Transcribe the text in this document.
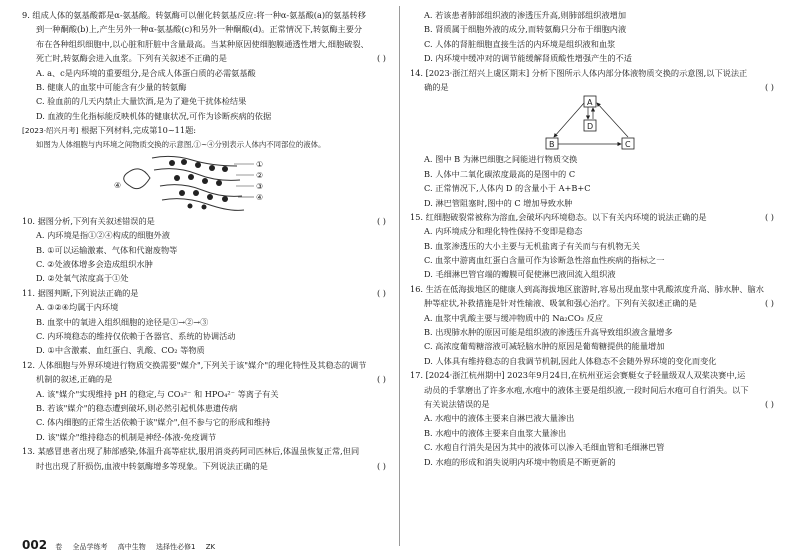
9. 组成人体的氨基酸都是α-氨基酸。转氨酶可以催化转氨基反应:将一种α-氨基酸(a)的氨基转移
到一种酮酸(b)上,产生另外一种α-氨基酸(c)和另外一种酮酸(d)。正常情况下,转氨酶主要分
布在各种组织细胞中,以心脏和肝脏中含量最高。当某种原因使细胞膜通透性增大,细胞破裂、
死亡时,转氨酶会进入血浆。下列有关叙述不正确的是	( )
A. a、c是内环境的重要组分,是合成人体蛋白质的必需氨基酸
B. 健康人的血浆中可能含有少量的转氨酶
C. 验血前的几天内禁止大量饮酒,是为了避免干扰体检结果
D. 血液的生化指标能反映机体的健康状况,可作为诊断疾病的依据
[2023·绍兴月考] 根据下列材料,完成第10~11题:
如图为人体细胞与内环境之间物质交换的示意图,①~④分别表示人体内不同部位的液体。
④
①
②
③
④
10. 据图分析,下列有关叙述错误的是	( )
A. 内环境是指①②④构成的细胞外液
B. ①可以运输激素、气体和代谢废物等
C. ②处液体增多会造成组织水肿
D. ②处氧气浓度高于①处
11. 据图判断,下列说法正确的是	( )
A. ③②④均属于内环境
B. 血浆中的氧进入组织细胞的途径是①→②→③
C. 内环境稳态的维持仅依赖于各器官、系统的协调活动
D. ①中含激素、血红蛋白、乳酸、CO₂ 等物质
12. 人体细胞与外界环境进行物质交换需要"媒介",下列关于该"媒介"的理化特性及其稳态的调节
机制的叙述,正确的是	( )
A. 该"媒介"实现维持 pH 的稳定,与 CO₃²⁻ 和 HPO₄²⁻ 等离子有关
B. 若该"媒介"的稳态遭到破坏,则必然引起机体患遗传病
C. 体内细胞的正常生活依赖于该"媒介",但不参与它的形成和维持
D. 该"媒介"维持稳态的机制是神经-体液-免疫调节
13. 某感冒患者出现了肺部感染,体温升高等症状,服用消炎药阿司匹林后,体温虽恢复正常,但同
时也出现了肝损伤,血液中转氨酶增多等现象。下列说法正确的是	( )
A. 若该患者肺部组织液的渗透压升高,则肺部组织液增加
B. 肾质属于细胞外液的成分,而转氨酶只分布于细胞内液
C. 人体的肾脏细胞直接生活的内环境是组织液和血浆
D. 内环境中缓冲对的调节能缓解肾质酸性增强产生的不适
14. [2023·浙江绍兴上虞区期末] 分析下图所示人体内部分体液物质交换的示意图,以下说法正
确的是	( )
A
D
B	C
A. 图中 B 为淋巴细胞之间能进行物质交换
B. 人体中二氧化碳浓度最高的是图中的 C
C. 正常情况下,人体内 D 的含量小于 A+B+C
D. 淋巴管阻塞时,图中的 C 增加导致水肿
15. 红细胞破裂常被称为溶血,会破坏内环境稳态。以下有关内环境的说法正确的是	( )
A. 内环境成分和理化特性保持不变即是稳态
B. 血浆渗透压的大小主要与无机盐离子有关而与有机物无关
C. 血浆中游离血红蛋白含量可作为诊断急性溶血性疾病的指标之一
D. 毛细淋巴管官端的瓣膜可促使淋巴液回流入组织液
16. 生活在低海拔地区的健康人到高海拔地区旅游时,容易出现血浆中乳酸浓度升高、肺水肿、脑水
肿等症状,补救措施是针对性输液、吸氧和强心治疗。下列有关叙述正确的是	( )
A. 血浆中乳酸主要与缓冲物质中的 Na₂CO₃ 反应
B. 出现肺水肿的原因可能是组织液的渗透压升高导致组织液含量增多
C. 高浓度葡萄糖溶液可减轻脑水肿的原因是葡萄糖提供的能量增加
D. 人体具有维持稳态的自我调节机制,因此人体稳态不会随外界环境的变化而变化
17. [2024·浙江杭州期中] 2023年9月24日,在杭州亚运会赛艇女子轻量级双人双桨决赛中,运
动员的手掌磨出了许多水疱,水疱中的液体主要是组织液,一段时间后水疱可自行消失。以下
有关说法错误的是	( )
A. 水疱中的液体主要来自淋巴液大量渗出
B. 水疱中的液体主要来自血浆大量渗出
C. 水疱自行消失是因为其中的液体可以渗入毛细血管和毛细淋巴管
D. 水疱的形成和消失说明内环境中物质是不断更新的
002 卷 全品学练考 高中生物 选择性必修1 ZK
